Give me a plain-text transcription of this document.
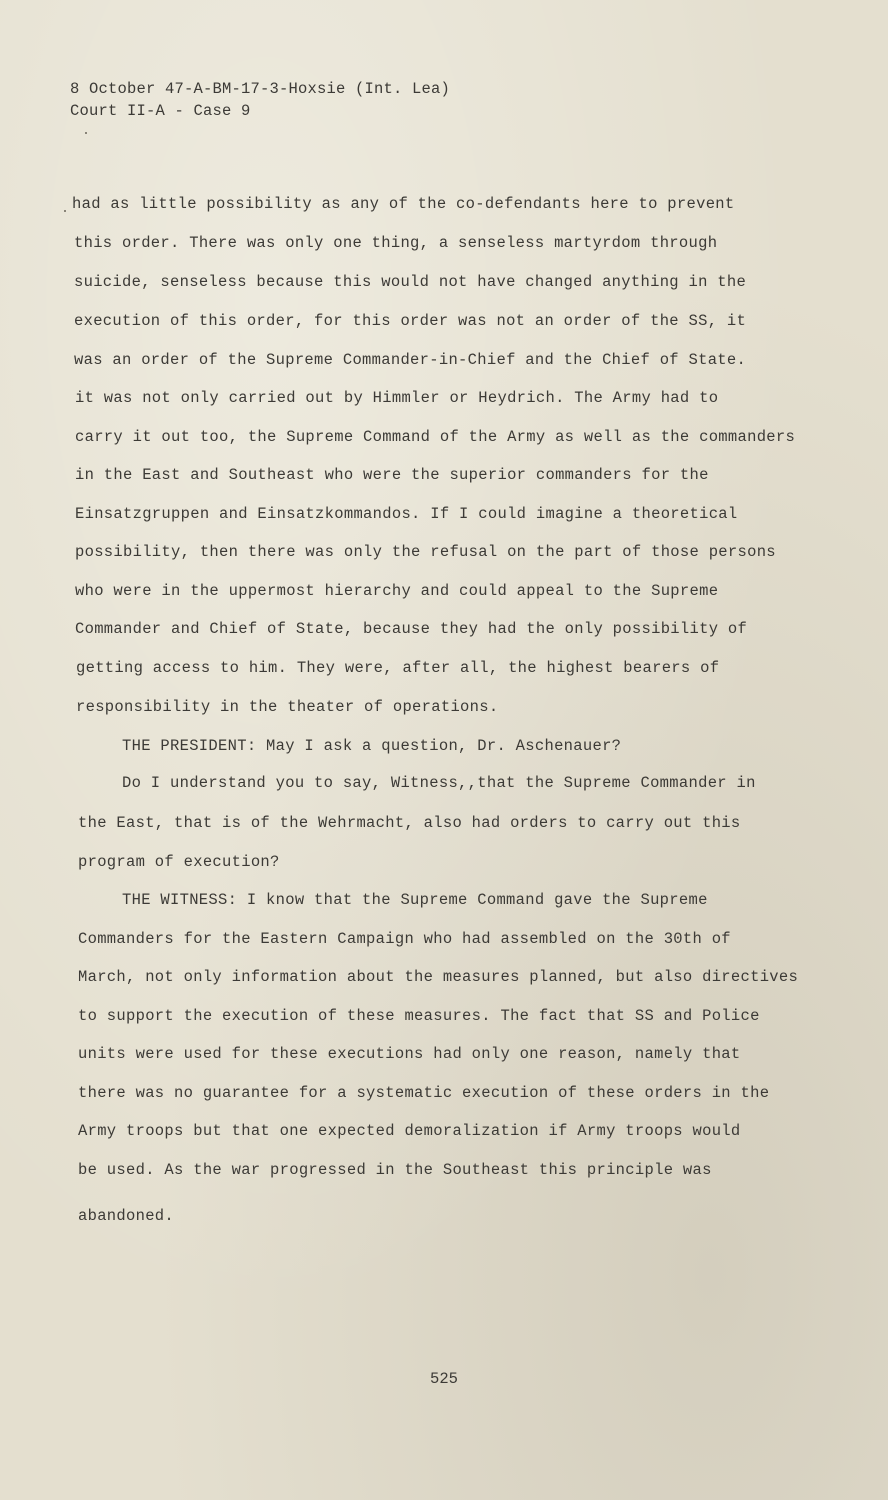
8 October 47-A-BM-17-3-Hoxsie (Int. Lea)
Court II-A - Case 9
had as little possibility as any of the co-defendants here to prevent
this order. There was only one thing, a senseless martyrdom through
suicide, senseless because this would not have changed anything in the
execution of this order, for this order was not an order of the SS, it
was an order of the Supreme Commander-in-Chief and the Chief of State.
it was not only carried out by Himmler or Heydrich. The Army had to
carry it out too, the Supreme Command of the Army as well as the commanders
in the East and Southeast who were the superior commanders for the
Einsatzgruppen and Einsatzkommandos. If I could imagine a theoretical
possibility, then there was only the refusal on the part of those persons
who were in the uppermost hierarchy and could appeal to the Supreme
Commander and Chief of State, because they had the only possibility of
getting access to him. They were, after all, the highest bearers of
responsibility in the theater of operations.
THE PRESIDENT: May I ask a question, Dr. Aschenauer?
Do I understand you to say, Witness,,that the Supreme Commander in
the East, that is of the Wehrmacht, also had orders to carry out this
program of execution?
THE WITNESS: I know that the Supreme Command gave the Supreme
Commanders for the Eastern Campaign who had assembled on the 30th of
March, not only information about the measures planned, but also directives
to support the execution of these measures. The fact that SS and Police
units were used for these executions had only one reason, namely that
there was no guarantee for a systematic execution of these orders in the
Army troops but that one expected demoralization if Army troops would
be used. As the war progressed in the Southeast this principle was
abandoned.
525
